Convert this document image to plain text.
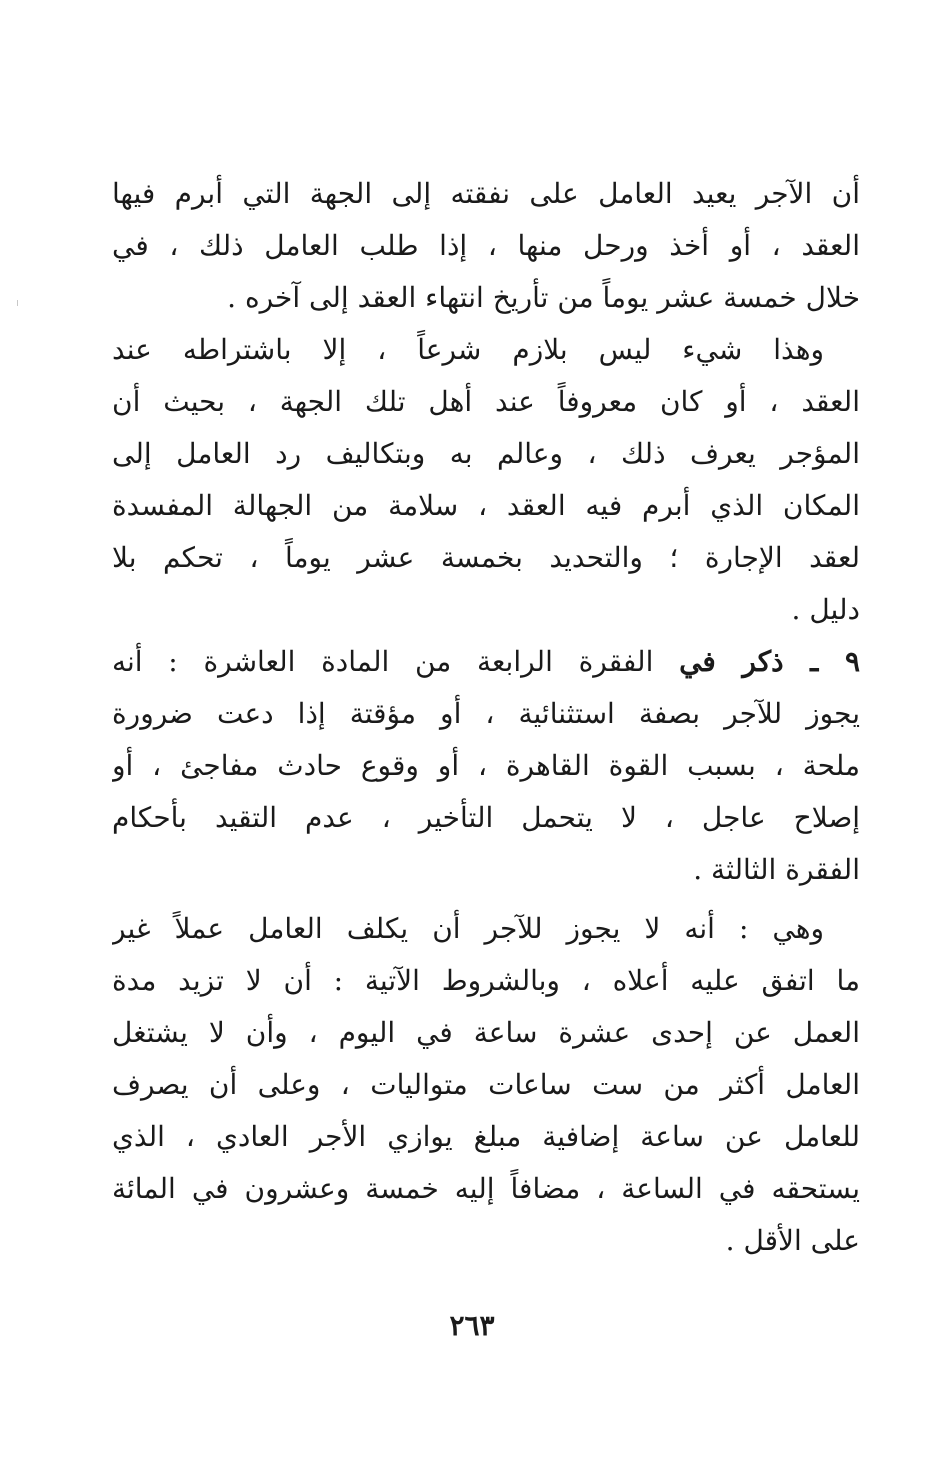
أن الآجر يعيد العامل على نفقته إلى الجهة التي أبرم فيها
العقد ، أو أخذ ورحل منها ، إذا طلب العامل ذلك ، في
خلال خمسة عشر يوماً من تأريخ انتهاء العقد إلى آخره .
وهذا شيء ليس بلازم شرعاً ، إلا باشتراطه عند
العقد ، أو كان معروفاً عند أهل تلك الجهة ، بحيث أن
المؤجر يعرف ذلك ، وعالم به وبتكاليف رد العامل إلى
المكان الذي أبرم فيه العقد ، سلامة من الجهالة المفسدة
لعقد الإجارة ؛ والتحديد بخمسة عشر يوماً ، تحكم بلا
دليل .
٩ ـ ذكر في الفقرة الرابعة من المادة العاشرة : أنه
يجوز للآجر بصفة استثنائية ، أو مؤقتة إذا دعت ضرورة
ملحة ، بسبب القوة القاهرة ، أو وقوع حادث مفاجئ ، أو
إصلاح عاجل ، لا يتحمل التأخير ، عدم التقيد بأحكام
الفقرة الثالثة .
وهي : أنه لا يجوز للآجر أن يكلف العامل عملاً غير
ما اتفق عليه أعلاه ، وبالشروط الآتية : أن لا تزيد مدة
العمل عن إحدى عشرة ساعة في اليوم ، وأن لا يشتغل
العامل أكثر من ست ساعات متواليات ، وعلى أن يصرف
للعامل عن ساعة إضافية مبلغ يوازي الأجر العادي ، الذي
يستحقه في الساعة ، مضافاً إليه خمسة وعشرون في المائة
على الأقل .
٢٦٣
